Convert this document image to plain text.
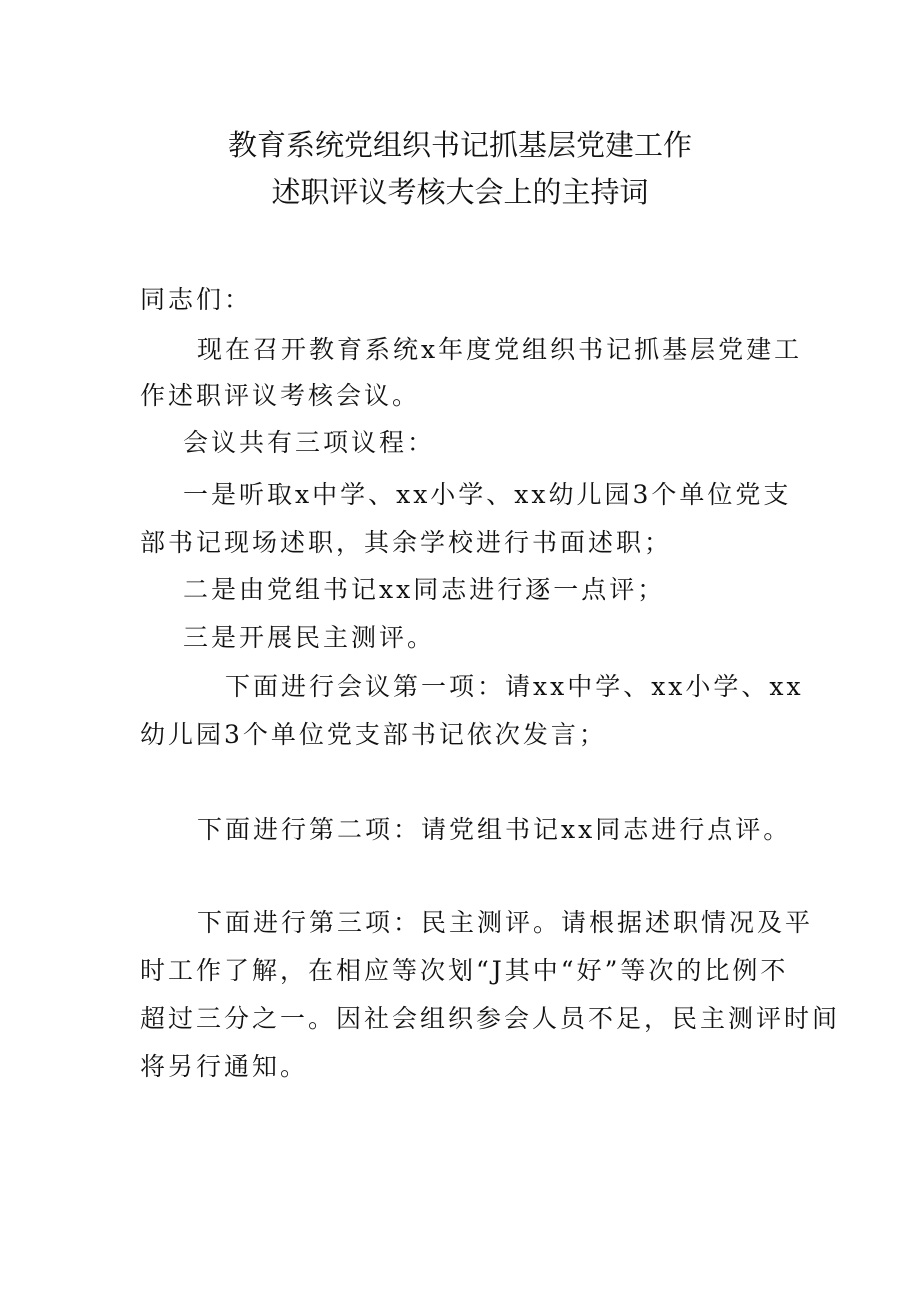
教育系统党组织书记抓基层党建工作
述职评议考核大会上的主持词
同志们：
现在召开教育系统x年度党组织书记抓基层党建工
作述职评议考核会议。
会议共有三项议程：
一是听取x中学、xx小学、xx幼儿园3个单位党支
部书记现场述职，其余学校进行书面述职；
二是由党组书记xx同志进行逐一点评；
三是开展民主测评。
下面进行会议第一项：请xx中学、xx小学、xx
幼儿园3个单位党支部书记依次发言；
下面进行第二项：请党组书记xx同志进行点评。
下面进行第三项：民主测评。请根据述职情况及平
时工作了解，在相应等次划“J其中“好”等次的比例不
超过三分之一。因社会组织参会人员不足，民主测评时间
将另行通知。
